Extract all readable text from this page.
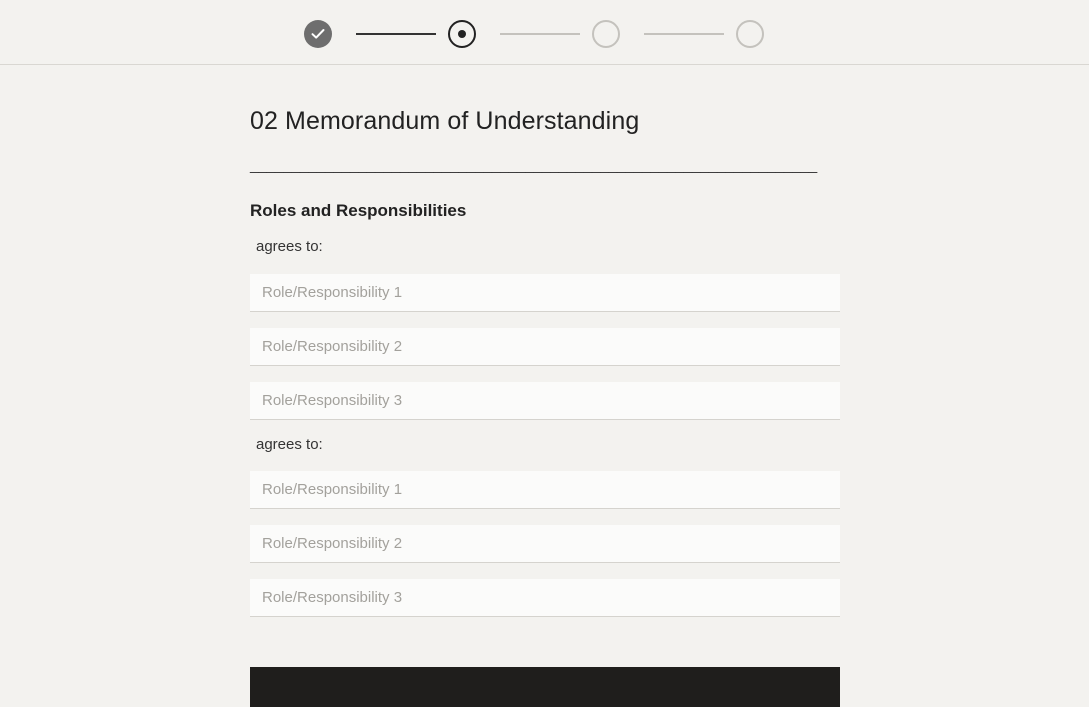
02 Memorandum of Understanding
____________________________________________________________________
Roles and Responsibilities
agrees to:
Role/Responsibility 1
Role/Responsibility 2
Role/Responsibility 3
agrees to:
Role/Responsibility 1
Role/Responsibility 2
Role/Responsibility 3
